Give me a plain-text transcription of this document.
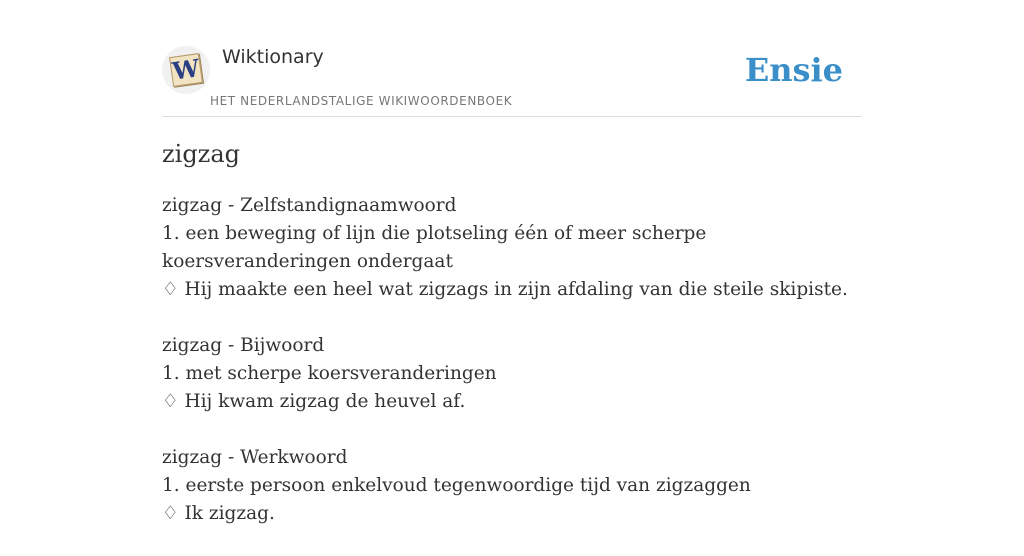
W Wiktionary
HET NEDERLANDSTALIGE WIKIWOORDENBOEK
Ensie
zigzag
zigzag - Zelfstandignaamwoord
1. een beweging of lijn die plotseling één of meer scherpe koersveranderingen ondergaat
♢ Hij maakte een heel wat zigzags in zijn afdaling van die steile skipiste.
zigzag - Bijwoord
1. met scherpe koersveranderingen
♢ Hij kwam zigzag de heuvel af.
zigzag - Werkwoord
1. eerste persoon enkelvoud tegenwoordige tijd van zigzaggen
♢ Ik zigzag.
